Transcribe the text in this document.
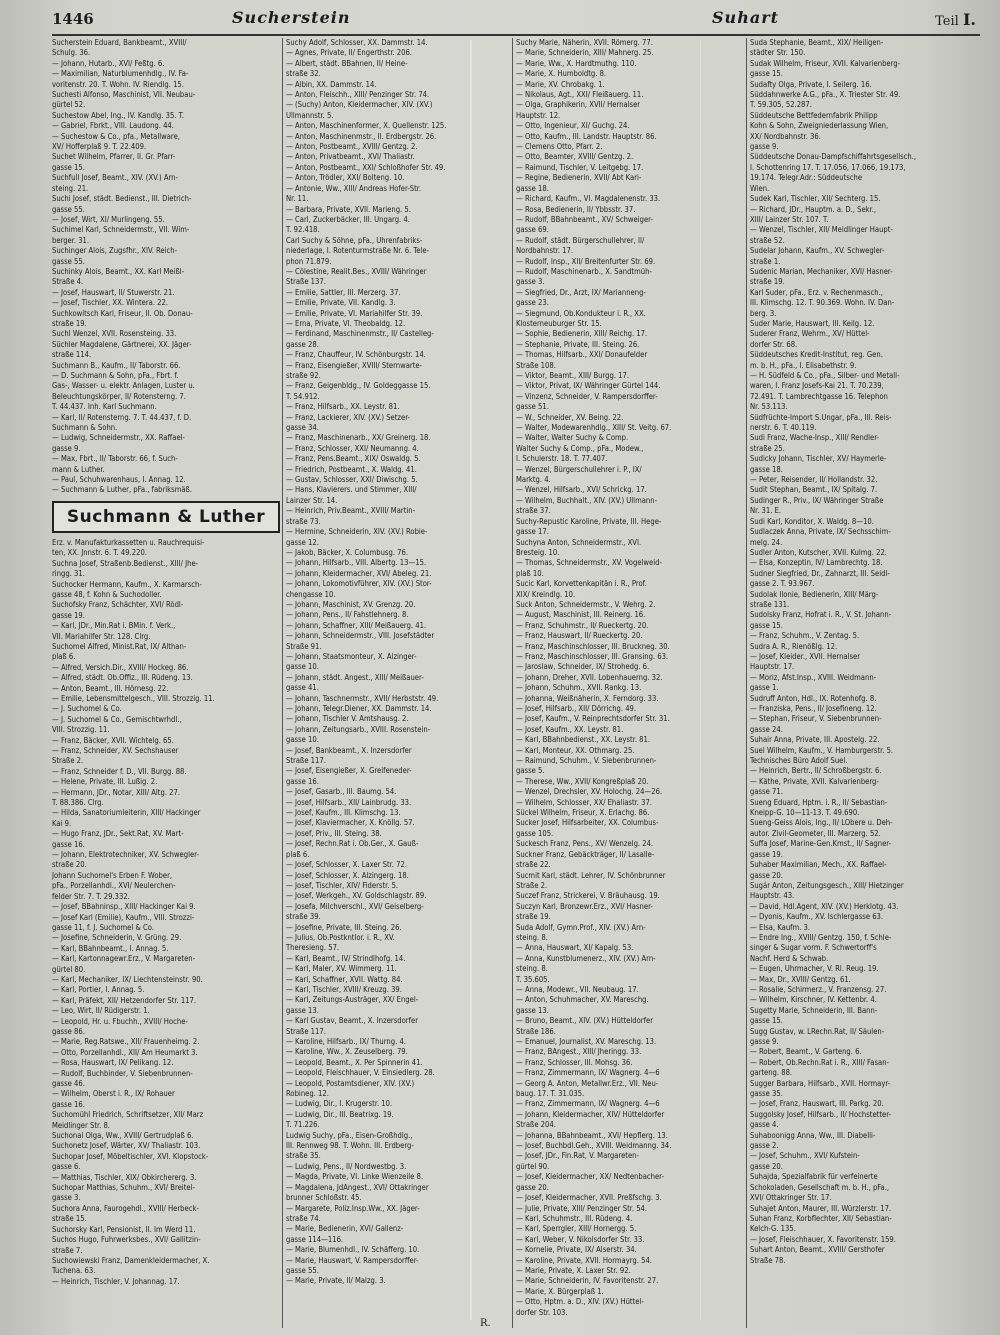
1446	Sucherstein	Suhart	Teil I.
Sucherstein Eduard, Bankbeamt., XVIII/
Schulg. 36.
— Johann, Hutarb., XVI/ Feßtg. 6.
— Maximilian, Naturblumenhdlg., IV. Fa-
voritenstr. 20. T. Wohn. IV. Riendlg. 15.
Suchesti Alfonso, Maschinist, VII. Neubau-
gürtel 52.
Suchestow Abel, Ing., IV. Kandlg. 35. T.
— Gabriel, Fbrkt., VIII. Laudong. 44.
— Suchestow & Co., pfa., Metallware,
XV/ Hofferplaß 9. T. 22.409.
Suchet Wilhelm, Pfarrer, II. Gr. Pfarr-
gasse 15.
Suchfull Josef, Beamt., XIV. (XV.) Arn-
steing. 21.
Suchi Josef, städt. Bedienst., III. Dietrich-
gasse 55.
— Josef, Wirt, XI/ Murlingeng. 55.
Suchimel Karl, Schneidermstr., VII. Wim-
berger. 31.
Suchinger Alois, Zugsfhr., XIV. Reich-
gasse 55.
Suchinky Alois, Beamt., XX. Karl Meißl-
Straße 4.
— Josef, Hauswart, II/ Stuwerstr. 21.
— Josef, Tischler, XX. Wintera. 22.
Suchkowitsch Karl, Friseur, II. Ob. Donau-
straße 19.
Suchl Wenzel, XVII. Rosensteing. 33.
Süchler Magdalene, Gärtnerei, XX. Jäger-
straße 114.
Suchmann B., Kaufm., II/ Taborstr. 66.
— D. Suchmann & Sohn, pFa., Fbrt. f.
Gas-, Wasser- u. elektr. Anlagen, Luster u.
Beleuchtungskörper, II/ Rotensterng. 7.
T. 44.437. Inh. Karl Suchmann.
— Karl, II/ Rotensterng. 7. T. 44.437, f. D.
Suchmann & Sohn.
— Ludwig, Schneidermstr., XX. Raffael-
gasse 9.
— Max, Fbrt., II/ Taborstr. 66, f. Such-
mann & Luther.
— Paul, Schuhwarenhaus, I. Annag. 12.
— Suchmann & Luther, pFa., fabriksmäß.
Suchmann & Luther
Erz. v. Manufakturkassetten u. Rauchrequisi-
ten, XX. Jnnstr. 6. T. 49.220.
Suchna Josef, Straßenb.Bedienst., XIII/ Jhe-
ringg. 31.
Suchocker Hermann, Kaufm., X. Karmarsch-
gasse 48, f. Kohn & Suchodoller.
Suchofsky Franz, Schächter, XVI/ Rödl-
gasse 19.
— Karl, JDr., Min.Rat i. BMin. f. Verk.,
VII. Mariahilfer Str. 128. Clrg.
Suchomel Alfred, Minist.Rat, IX/ Althan-
plaß 6.
— Alfred, Versich.Dir., XVIII/ Hockeg. 86.
— Alfred, städt. Ob.Offiz., III. Rüdeng. 13.
— Anton, Beamt., III. Hörnesg. 22.
— Emilie, Lebensmittelgesch., VIII. Strozzig. 11.
— J. Suchomel & Co.
— J. Suchomel & Co., Gemischtwrhdl.,
VIII. Strozzig. 11.
— Franz, Bäcker, XVII. Wichtelg. 65.
— Franz, Schneider, XV. Sechshauser
Straße 2.
— Franz, Schneider f. D., VII. Burgg. 88.
— Helene, Private, III. Lußig. 2.
— Hermann, JDr., Notar, XIII/ Altg. 27.
T. 88.386. Clrg.
— Hilda, Sanatoriumleiterin, XIII/ Hackinger
Kai 9.
— Hugo Franz, JDr., Sekt.Rat, XV. Mart-
gasse 16.
— Johann, Elektrotechniker, XV. Schwegler-
straße 20.
Johann Suchomel's Erben F. Wober,
pFa., Porzellanhdl., XVI/ Neulerchen-
felder Str. 7. T. 29.332.
— Josef, BBahninsp., XIII/ Hackinger Kai 9.
— Josef Karl (Emilie), Kaufm., VIII. Strozzi-
gasse 11, f. J. Suchomel & Co.
— Josefine, Schneiderin, V. Grüng. 29.
— Karl, BBahnbeamt., I. Annag. 5.
— Karl, Kartonnagewr.Erz., V. Margareten-
gürtel 80.
— Karl, Mechaniker, IX/ Liechtensteinstr. 90.
— Karl, Portier, I. Annag. 5.
— Karl, Präfekt, XII/ Hetzendorfer Str. 117.
— Leo, Wirt, II/ Rüdigerstr. 1.
— Leopold, Hr. u. Fbuchh., XVIII/ Hoche-
gasse 86.
— Marie, Reg.Ratswe., XII/ Frauenheimg. 2.
— Otto, Porzellanhdl., XII/ Am Heumarkt 3.
— Rosa, Hauswart, IX/ Pelikang. 12.
— Rudolf, Buchbinder, V. Siebenbrunnen-
gasse 46.
— Wilhelm, Oberst i. R., IX/ Rohauer
gasse 16.
Suchomühl Friedrich, Schriftsetzer, XII/ Marz
Meidlinger Str. 8.
Suchonal Olga, Ww., XVIII/ Gertrudplaß 6.
Suchonetz Josef, Wärter, XV/ Thaliastr. 103.
Suchopar Josef, Möbeltischler, XVI. Klopstock-
gasse 6.
— Matthias, Tischler, XIX/ Obkirchererg. 3.
Suchopar Matthias, Schuhm., XVI/ Breitel-
gasse 3.
Suchora Anna, Faurogehdl., XVIII/ Herbeck-
straße 15.
Suchorsky Karl, Pensionist, II. Im Werd 11.
Suchos Hugo, Fuhrwerksbes., XVI/ Gallitzin-
straße 7.
Suchowiewski Franz, Damenkleidermacher, X.
Tuchena. 63.
— Heinrich, Tischler, V. Johannag. 17.
Suchy Adolf, Schlosser, XX. Dammstr. 14.
— Agnes, Private, II/ Engerthstr. 206.
— Albert, städt. BBahnen, II/ Heine-
straße 32.
— Albin, XX. Dammstr. 14.
— Anton, Fleischh., XIII/ Penzinger Str. 74.
— (Suchy) Anton, Kleidermacher, XIV. (XV.)
Ullmannstr. 5.
— Anton, Maschinenformer, X. Quellenstr. 125.
— Anton, Maschinenmstr., II. Erdbergstr. 26.
— Anton, Postbeamt., XVIII/ Gentzg. 2.
— Anton, Privatbeamt., XVI/ Thaliastr.
— Anton, Postbeamt., XXI/ Schloßhofer Str. 49.
— Anton, Trödler, XXI/ Bolteng. 10.
— Antonie, Ww., XIII/ Andreas Hofer-Str.
Nr. 11.
— Barbara, Private, XVII. Marieng. 5.
— Carl, Zuckerbäcker, III. Ungarg. 4.
T. 92.418.
Carl Suchy & Söhne, pFa., Uhrenfabriks-
niederlage, I. Rotenturmstraße Nr. 6. Tele-
phon 71.879.
— Cölestine, Realit.Bes., XVIII/ Währinger
Straße 137.
— Emilie, Sattler, III. Merzerg. 37.
— Emilie, Private, VII. Kandlg. 3.
— Emilie, Private, VI. Mariahilfer Str. 39.
— Erna, Private, VI. Theobaldg. 12.
— Ferdinand, Maschinenmstr., II/ Castelleg-
gasse 28.
— Franz, Chauffeur, IV. Schönburgstr. 14.
— Franz, Eisengießer, XVIII/ Sternwarte-
straße 92.
— Franz, Geigenbldg., IV. Goldeggasse 15.
T. 54.912.
— Franz, Hilfsarb., XX. Leystr. 81.
— Franz, Lackierer, XIV. (XV.) Setzer-
gasse 34.
— Franz, Maschinenarb., XX/ Greinerg. 18.
— Franz, Schlosser, XXI/ Neumanng. 4.
— Franz, Pens.Beamt., XIX/ Oswaldg. 5.
— Friedrich, Postbeamt., X. Waldg. 41.
— Gustav, Schlosser, XXI/ Diwischg. 5.
— Hans, Klavierers. und Stimmer, XIII/
Lainzer Str. 14.
— Heinrich, Priv.Beamt., XVIII/ Martin-
straße 73.
— Hermine, Schneiderin, XIV. (XV.) Robie-
gasse 12.
— Jakob, Bäcker, X. Columbusg. 76.
— Johann, Hilfsarb., VIII. Albertg. 13—15.
— Johann, Kleidermacher, XVI/ Abeleg. 21.
— Johann, Lokomotivführer, XIV. (XV.) Stor-
chengasse 10.
— Johann, Maschinist, XV. Grenzg. 20.
— Johann, Pens., II/ Fahstlehnerg. 8.
— Johann, Schaffner, XIII/ Meißauerg. 41.
— Johann, Schneidermstr., VIII. Josefstädter
Straße 91.
— Johann, Staatsmonteur, X. Alzinger-
gasse 10.
— Johann, städt. Angest., XIII/ Meißauer-
gasse 41.
— Johann, Taschnermstr., XVII/ Herbststr. 49.
— Johann, Telegr.Diener, XX. Dammstr. 14.
— Johann, Tischler V. Amtshausg. 2.
— Johann, Zeitungsarb., XVIII. Rosenstein-
gasse 10.
— Josef, Bankbeamt., X. Inzersdorfer
Straße 117.
— Josef, Eisengießer, X. Greifeneder-
gasse 16.
— Josef, Gasarb., III. Baumg. 54.
— Josef, Hilfsarb., XII/ Lainbrudg. 33.
— Josef, Kaufm., III. Klimschg. 13.
— Josef, Klaviermacher, X. Knöllg. 57.
— Josef, Priv., III. Steing. 38.
— Josef, Rechn.Rat i. Ob.Ger., X. Gauß-
plaß 6.
— Josef, Schlosser, X. Laxer Str. 72.
— Josef, Schlosser, X. Alzingerg. 18.
— Josef, Tischler, XIV/ Fiderstr. 5.
— Josef, Werkgeh., XV. Goldschlagstr. 89.
— Josefa, Milchverschl., XVI/ Geiselberg-
straße 39.
— Josefine, Private, III. Steing. 26.
— Julius, Ob.Postkntlor. i. R., XV.
Theresieng. 57.
— Karl, Beamt., IV/ Strindlhofg. 14.
— Karl, Maler, XV. Wimmerg. 11.
— Karl, Schaffner, XVII. Wattg. 84.
— Karl, Tischler, XVIII/ Kreuzg. 39.
— Karl, Zeitungs-Austräger, XX/ Engel-
gasse 13.
— Karl Gustav, Beamt., X. Inzersdorfer
Straße 117.
— Karoline, Hilfsarb., IX/ Thurng. 4.
— Karoline, Ww., X. Zeuselberg. 79.
— Leopold, Beamt., X. Per Spinnerin 41.
— Leopold, Fleischhauer, V. Einsiedlerg. 28.
— Leopold, Postamtsdiener, XIV. (XV.)
Robineg. 12.
— Ludwig, Dir., I. Krugerstr. 10.
— Ludwig, Dir., III. Beatrixg. 19.
T. 71.226.
Ludwig Suchy, pFa., Eisen-Großhdlg.,
III. Rennweg 98. T. Wohn. III. Erdberg-
straße 35.
— Ludwig, Pens., II/ Nordwestbg. 3.
— Magda, Private, VI. Linke Wienzeile 8.
— Magdalena, JdAngest., XVI/ Ottakringer
brunner Schloßstr. 45.
— Margarete, Poliz.Insp.Ww., XX. Jäger-
straße 74.
— Marie, Bedienerin, XVI/ Gallenz-
gasse 114—116.
— Marie, Blumenhdl., IV. Schäfferg. 10.
— Marie, Hauswart, V. Rampersdorffer-
gasse 55.
— Marie, Private, II/ Malzg. 3.
Suchy Marie, Näherin, XVII. Römerg. 77.
— Marie, Schneiderin, XIII/ Mahnerg. 25.
— Marie, Ww., X. Hardtmuthg. 110.
— Marie, X. Humboldtg. 8.
— Marie, XV. Chrobakg. 1.
— Nikolaus, Agt., XXI/ Fleißauerg. 11.
— Olga, Graphikerin, XVII/ Hernalser
Hauptstr. 12.
— Otto, Ingenieur, XI/ Guchg. 24.
— Otto, Kaufm., III. Landstr. Hauptstr. 86.
— Clemens Otto, Pfarr. 2.
— Otto, Beamter, XVIII/ Gentzg. 2.
— Raimund, Tischler, V. Leitgebg. 17.
— Regine, Bedienerin, XVII/ Abt Kari-
gasse 18.
— Richard, Kaufm., VI. Magdalenenstr. 33.
— Rosa, Bedienerin, II/ Ybbsstr. 37.
— Rudolf, BBahnbeamt., XV/ Schweiger-
gasse 69.
— Rudolf, städt. Bürgerschullehrer, II/
Nordbahnstr. 17.
— Rudolf, Insp., XII/ Breitenfurter Str. 69.
— Rudolf, Maschinenarb., X. Sandtmüh-
gasse 3.
— Siegfried, Dr., Arzt, IX/ Marianneng-
gasse 23.
— Siegmund, Ob.Kondukteur i. R., XX.
Klosterneuburger Str. 15.
— Sophie, Bedienerin, XIII/ Reichg. 17.
— Stephanie, Private, III. Steing. 26.
— Thomas, Hilfsarb., XXI/ Donaufelder
Straße 108.
— Viktor, Beamt., XIII/ Burgg. 17.
— Viktor, Privat, IX/ Währinger Gürtel 144.
— Vinzenz, Schneider, V. Rampersdorffer-
gasse 51.
— W., Schneider, XV. Being. 22.
— Walter, Modewarenhdlg., XIII/ St. Veitg. 67.
— Walter, Walter Suchy & Comp.
Walter Suchy & Comp., pFa., Modew.,
I. Schulerstr. 18. T. 77.407.
— Wenzel, Bürgerschullehrer i. P., IX/
Marktg. 4.
— Wenzel, Hilfsarb., XVI/ Schrickg. 17.
— Wilhelm, Buchhalt., XIV. (XV.) Ullmann-
straße 37.
Suchy-Repustic Karoline, Private, III. Hege-
gasse 17.
Suchyna Anton, Schneidermstr., XVI.
Bresteig. 10.
— Thomas, Schneidermstr., XV. Vogelweid-
plaß 10.
Sucic Karl, Korvettenkapitän i. R., Prof.
XIX/ Kreindlg. 10.
Suck Anton, Schneidermstr., V. Wehrg. 2.
— August, Maschinist, III. Reinerg. 16.
— Franz, Schuhmstr., II/ Rueckertg. 20.
— Franz, Hauswart, II/ Rueckertg. 20.
— Franz, Maschinschlosser, III. Bruckneg. 30.
— Franz, Maschinschlosser, III. Gransing. 63.
— Jaroslaw, Schneider, IX/ Strohedg. 6.
— Johann, Dreher, XVII. Lobenhauerng. 32.
— Johann, Schuhm., XVII. Rankg. 13.
— Johanna, Weißnäherin, X. Ferndorg. 33.
— Josef, Hilfsarb., XII/ Dörrichg. 49.
— Josef, Kaufm., V. Reinprechtsdorfer Str. 31.
— Josef, Kaufm., XX. Leystr. 81.
— Karl, BBahnbedienst., XX. Leystr. 81.
— Karl, Monteur, XX. Othmarg. 25.
— Raimund, Schuhm., V. Siebenbrunnen-
gasse 5.
— Therese, Ww., XVII/ Kongreßplaß 20.
— Wenzel, Drechsler, XV. Holochg. 24—26.
— Wilhelm, Schlosser, XX/ Ehaliastr. 37.
Sückel Wilhelm, Friseur, X. Erlachg. 86.
Sucker Josef, Hilfsarbeiter, XX. Columbus-
gasse 105.
Suckesch Franz, Pens., XV/ Wenzelg. 24.
Suckner Franz, Gebäckträger, II/ Lasalle-
straße 22.
Sucmit Karl, städt. Lehrer, IV. Schönbrunner
Straße 2.
Suczef Franz, Strickerei, V. Bräuhausg. 19.
Suczyn Karl, Bronzewr.Erz., XVI/ Hasner-
straße 19.
Suda Adolf, Gymn.Prof., XIV. (XV.) Arn-
steing. 8.
— Anna, Hauswart, XI/ Kapalg. 53.
— Anna, Kunstblumenerz., XIV. (XV.) Arn-
steing. 8.
T. 35.605.
— Anna, Modewr., VII. Neubaug. 17.
— Anton, Schuhmacher, XV. Mareschg.
gasse 13.
— Bruno, Beamt., XIV. (XV.) Hütteldorfer
Straße 186.
— Emanuel, Journalist, XV. Mareschg. 13.
— Franz, BAngest., XIII/ Jheringg. 33.
— Franz, Schlosser, III. Mohsg. 36.
— Franz, Zimmermann, IX/ Wagnerg. 4—6
— Georg A. Anton, Metallwr.Erz., VII. Neu-
baug. 17. T. 31.035.
— Franz, Zimmermann, IX/ Wagnerg. 4—6
— Johann, Kleidermacher, XIV/ Hütteldorfer
Straße 204.
— Johanna, BBahnbeamt., XVI/ Hepflerg. 13.
— Josef, Buchbdl.Geh., XVIII. Weidmanng. 34.
— Josef, JDr., Fin.Rat, V. Margareten-
gürtel 90.
— Josef, Kleidermacher, XX/ Nedtenbacher-
gasse 20.
— Josef, Kleidermacher, XVII. Preßfschg. 3.
— Julie, Private, XIII/ Penzinger Str. 54.
— Karl, Schuhmstr., III. Rüdeng. 4.
— Karl, Sperrgler, XIII/ Hornergg. 5.
— Karl, Weber, V. Nikolsdorfer Str. 33.
— Kornelie, Private, IX/ Alserstr. 34.
— Karoline, Private, XVII. Hormayrg. 54.
— Marie, Private, X. Laxer Str. 92.
— Marie, Schneiderin, IV. Favoritenstr. 27.
— Marie, X. Bürgerplaß 1.
— Otto, Hptm. a. D., XIV. (XV.) Hüttel-
dorfer Str. 103.
Suda Stephanie, Beamt., XIX/ Heiligen-
städter Str. 150.
Sudak Wilhelm, Friseur, XVII. Kalvarienberg-
gasse 15.
Sudafty Olga, Private, I. Seilerg. 16.
Süddahnwerke A.G., pFa., X. Triester Str. 49.
T. 59.305, 52.287.
Süddeutsche Bettfedernfabrik Philipp
Kohn & Sohn, Zweigniederlassung Wien,
XX/ Nordbahnstr. 36.
gasse 9.
Süddeutsche Donau-Dampfschiffahrtsgesellsch.,
I. Schottenring 17. T. 17.056, 17.066, 19.173,
19.174. Telegr.Adr.: Süddeutsche
Wien.
Sudek Karl, Tischler, XII/ Sechterg. 15.
— Richard, JDr., Hauptm. a. D., Sekr.,
XIII/ Lainzer Str. 107. T.
— Wenzel, Tischler, XII/ Meidlinger Haupt-
straße 52.
Sudelar Johann, Kaufm., XV. Schwegler-
straße 1.
Sudenic Marian, Mechaniker, XVI/ Hasner-
straße 19.
Karl Suder, pFa., Erz. v. Rechenmasch.,
III. Klimschg. 12. T. 90.369. Wohn. IV. Dan-
berg. 3.
Suder Marie, Hauswart, III. Keilg. 12.
Suderer Franz, Wehrm., XV/ Hüttel-
dorfer Str. 68.
Süddeutsches Kredit-Institut, reg. Gen.
m. b. H., pFa., I. Elisabethstr. 9.
— H. Südfeld & Co., pFa., Silber- und Metall-
waren, I. Franz Josefs-Kai 21. T. 70.239,
72.491. T. Lambrechtgasse 16. Telephon
Nr. 53.113.
Südfrüchte-Import S.Ungar, pFa., III. Reis-
nerstr. 6. T. 40.119.
Sudi Franz, Wache-Insp., XIII/ Rendler-
straße 25.
Sudicky Johann, Tischler, XV/ Haymerle-
gasse 18.
— Peter, Reisender, II/ Hollandstr. 32.
Sudit Stephan, Beamt., IX/ Spitalg. 7.
Sudinger R., Priv., IX/ Währinger Straße
Nr. 31. E.
Sudi Karl, Konditor, X. Waldg. 8—10.
Sudlaczek Anna, Private, IX/ Sechsschim-
melg. 24.
Sudler Anton, Kutscher, XVII. Kulmg. 22.
— Elsa, Konzeptin, IV/ Lambrechtg. 18.
Sudner Siegfried, Dr., Zahnarzt, III. Seidl-
gasse 2. T. 93.967.
Sudolak Ilonie, Bedienerin, XIII/ Märg-
straße 131.
Sudolsky Franz, Hofrat i. R., V. St. Johann-
gasse 15.
— Franz, Schuhm., V. Zentag. 5.
Sudra A. R., Rienößlg. 12.
— Josef, Kleider., XVII. Hernalser
Hauptstr. 17.
— Moriz, Afst.Insp., XVIII. Weidmann-
gasse 1.
Sudruff Anton, Hdl., IX. Rotenhofg. 8.
— Franziska, Pens., II/ Josefineng. 12.
— Stephan, Friseur, V. Siebenbrunnen-
gasse 24.
Suhair Anna, Private, III. Apostelg. 22.
Suel Wilhelm, Kaufm., V. Hamburgerstr. 5.
Technisches Büro Adolf Suel.
— Heinrich, Bertr., II/ Schroßbergstr. 6.
— Käthe, Private, XVII. Kalvarienberg-
gasse 71.
Sueng Eduard, Hptm. i. R., II/ Sebastian-
Kneipp-G. 10—11-13. T. 49.690.
Sueng-Geiss Alois, Ing., II/ LObere u. Deh-
autor. Zivil-Geometer, III. Marzerg. 52.
Suffa Josef, Marine-Gen.Kmst., II/ Sagner-
gasse 19.
Suhaber Maximilian, Mech., XX. Raffael-
gasse 20.
Sugár Anton, Zeitungsgesch., XIII/ Hietzinger
Hauptstr. 43.
— David, Hdl.Agent, XIV. (XV.) Herklotg. 43.
— Dyonis, Kaufm., XV. Ischlergasse 63.
— Elsa, Kaufm. 3.
— Endre Ing., XVIII/ Gentzg. 150, f. Schle-
singer & Sugar vorm. F. Schwertorff's
Nachf. Herd & Schwab.
— Eugen, Uhrmacher, V. Rl. Reug. 19.
— Max, Dr., XVIII/ Gentzg. 61.
— Rosalie, Schirmerz., V. Franzensg. 27.
— Wilhelm, Kirschner, IV. Kettenbr. 4.
Sugetty Marie, Schneiderin, III. Bann-
gasse 15.
Sugg Gustav, w. LRechn.Rat, II/ Säulen-
gasse 9.
— Robert, Beamt., V. Garteng. 6.
— Robert, Ob.Rechn.Rat i. R., XIII/ Fasan-
garteng. 88.
Sugger Barbara, Hilfsarb., XVII. Hormayr-
gasse 35.
— Josef, Franz, Hauswart, III. Parkg. 20.
Suggolsky Josef, Hilfsarb., II/ Hochstetter-
gasse 4.
Suhaboonigg Anna, Ww., III. Diabelli-
gasse 2.
— Josef, Schuhm., XVI/ Kufstein-
gasse 20.
Suhajda, Spezialfabrik für verfeinerte
Schokoladen, Gesellschaft m. b. H., pFa.,
XVI/ Ottakringer Str. 17.
Suhajet Anton, Maurer, III. Würzlerstr. 17.
Suhan Franz, Korbflechter, XII/ Sebastian-
Kelch-G. 135.
— Josef, Fleischhauer, X. Favoritenstr. 159.
Suhart Anton, Beamt., XVIII/ Gersthofer
Straße 78.
R.
